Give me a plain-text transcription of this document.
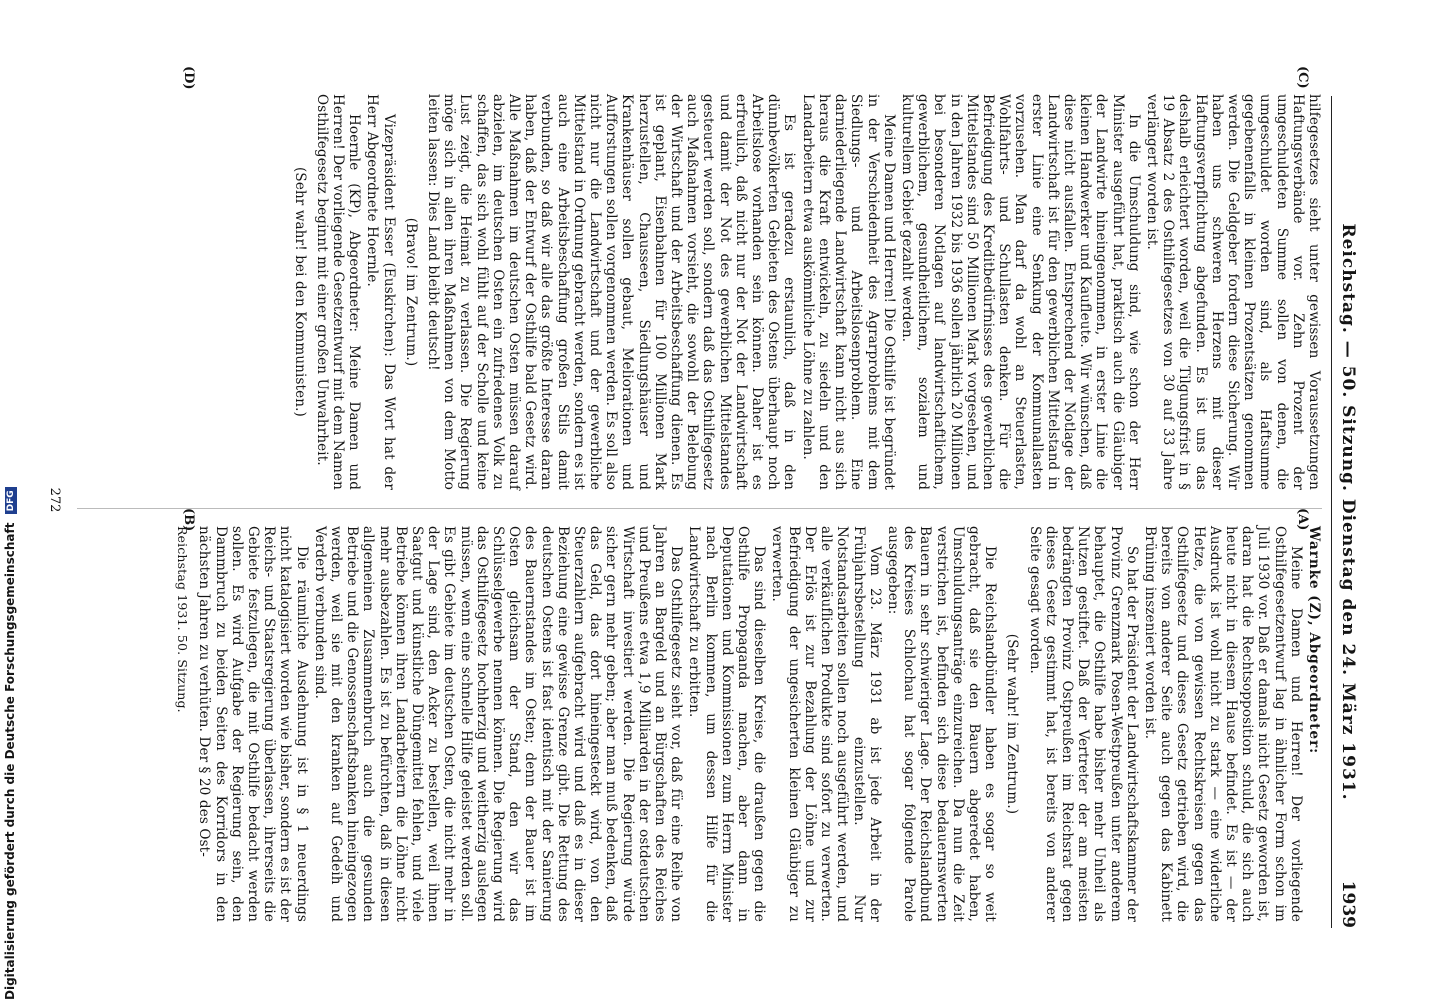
Reichstag. — 50. Sitzung. Dienstag den 24. März 1931.
1939
(A)
(B)
(C)
(D)

Warnke (Z), Abgeordneter:

Meine Damen und Herren! Der vorliegende Osthilfegesetzentwurf lag in ähnlicher Form schon im Juli 1930 vor. Daß er damals nicht Gesetz geworden ist, daran hat die Rechtsopposition schuld, die sich auch heute nicht in diesem Hause befindet. Es ist — der Ausdruck ist wohl nicht zu stark — eine widerliche Hetze, die von gewissen Rechtskreisen gegen das Osthilfegesetz und dieses Gesetz getrieben wird, die bereits von anderer Seite auch gegen das Kabinett Brüning inszeniert worden ist.

So hat der Präsident der Landwirtschaftskammer der Provinz Grenzmark Posen-Westpreußen unter anderem behauptet, die Osthilfe habe bisher mehr Unheil als Nutzen gestiftet. Daß der Vertreter der am meisten bedrängten Provinz Ostpreußen im Reichsrat gegen dieses Gesetz gestimmt hat, ist bereits von anderer Seite gesagt worden.

(Sehr wahr! im Zentrum.)

Die Reichslandbündler haben es sogar so weit gebracht, daß sie den Bauern abgeredet haben, Umschuldungsanträge einzureichen. Da nun die Zeit verstrichen ist, befinden sich diese bedauernswerten Bauern in sehr schwieriger Lage. Der Reichslandbund des Kreises Schlochau hat sogar folgende Parole ausgegeben:

Vom 23. März 1931 ab ist jede Arbeit in der Frühjahrsbestellung einzustellen. Nur Notstandsarbeiten sollen noch ausgeführt werden, und alle verkäuflichen Produkte sind sofort zu verwerten. Der Erlös ist zur Bezahlung der Löhne und zur Befriedigung der ungesicherten kleinen Gläubiger zu verwerten.

Das sind dieselben Kreise, die draußen gegen die Osthilfe Propaganda machen, aber dann in Deputationen und Kommissionen zum Herrn Minister nach Berlin kommen, um dessen Hilfe für die Landwirtschaft zu erbitten.

Das Osthilfegesetz sieht vor, daß für eine Reihe von Jahren an Bargeld und an Bürgschaften des Reiches und Preußens etwa 1,9 Milliarden in der ostdeutschen Wirtschaft investiert werden. Die Regierung würde sicher gern mehr geben; aber man muß bedenken, daß das Geld, das dort hineingesteckt wird, von den Steuerzahlern aufgebracht wird und daß es in dieser Beziehung eine gewisse Grenze gibt. Die Rettung des deutschen Ostens ist fast identisch mit der Sanierung des Bauernstandes im Osten; denn der Bauer ist im Osten gleichsam der Stand, den wir das Schlüsselgewerbe nennen können. Die Regierung wird das Osthilfegesetz hochherzig und weitherzig auslegen müssen, wenn eine schnelle Hilfe geleistet werden soll. Es gibt Gebiete im deutschen Osten, die nicht mehr in der Lage sind, den Acker zu bestellen, weil ihnen Saatgut und künstliche Düngemittel fehlen, und viele Betriebe können ihren Landarbeitern die Löhne nicht mehr ausbezahlen. Es ist zu befürchten, daß in diesen allgemeinen Zusammenbruch auch die gesunden Betriebe und die Genossenschaftsbanken hineingezogen werden, weil sie mit den kranken auf Gedeih und Verderb verbunden sind.

Die räumliche Ausdehnung ist in § 1 neuerdings nicht katalogisiert worden wie bisher, sondern es ist der Reichs- und Staatsregierung überlassen, ihrerseits die Gebiete festzulegen, die mit Osthilfe bedacht werden sollen. Es wird Aufgabe der Regierung sein, den Dammbruch zu beiden Seiten des Korridors in den nächsten Jahren zu verhüten. Der § 20 des Ost-

Reichstag 1931. 50. Sitzung.

hilfegesetzes sieht unter gewissen Voraussetzungen Haftungsverbände vor. Zehn Prozent der umgeschuldeten Summe sollen von denen, die umgeschuldet worden sind, als Haftsumme gegebenenfalls in kleinen Prozentsätzen genommen werden. Die Geldgeber fordern diese Sicherung. Wir haben uns schweren Herzens mit dieser Haftungsverpflichtung abgefunden. Es ist uns das deshalb erleichtert worden, weil die Tilgungsfrist in § 19 Absatz 2 des Osthilfegesetzes von 30 auf 33 Jahre verlängert worden ist.

In die Umschuldung sind, wie schon der Herr Minister ausgeführt hat, praktisch auch die Gläubiger der Landwirte hineingenommen, in erster Linie die kleinen Handwerker und Kaufleute. Wir wünschen, daß diese nicht ausfallen. Entsprechend der Notlage der Landwirtschaft ist für den gewerblichen Mittelstand in erster Linie eine Senkung der Kommunallasten vorzusehen. Man darf da wohl an Steuerlasten, Wohlfahrts- und Schullasten denken. Für die Befriedigung des Kreditbedürfnisses des gewerblichen Mittelstandes sind 50 Millionen Mark vorgesehen, und in den Jahren 1932 bis 1936 sollen jährlich 20 Millionen bei besonderen Notlagen auf landwirtschaftlichem, gewerblichem, gesundheitlichem, sozialem und kulturellem Gebiet gezahlt werden.

Meine Damen und Herren! Die Osthilfe ist begründet in der Verschiedenheit des Agrarproblems mit dem Siedlungs- und Arbeitslosenproblem. Eine darniederliegende Landwirtschaft kann nicht aus sich heraus die Kraft entwickeln, zu siedeln und den Landarbeitern etwa auskömmliche Löhne zu zahlen.

Es ist geradezu erstaunlich, daß in den dünnbevölkerten Gebieten des Ostens überhaupt noch Arbeitslose vorhanden sein können. Daher ist es erfreulich, daß nicht nur der Not der Landwirtschaft und damit der Not des gewerblichen Mittelstandes gesteuert werden soll, sondern daß das Osthilfegesetz auch Maßnahmen vorsieht, die sowohl der Belebung der Wirtschaft und der Arbeitsbeschaffung dienen. Es ist geplant, Eisenbahnen für 100 Millionen Mark herzustellen, Chausseen, Siedlungshäuser und Krankenhäuser sollen gebaut, Meliorationen und Aufforstungen sollen vorgenommen werden. Es soll also nicht nur die Landwirtschaft und der gewerbliche Mittelstand in Ordnung gebracht werden, sondern es ist auch eine Arbeitsbeschaffung großen Stils damit verbunden, so daß wir alle das größte Interesse daran haben, daß der Entwurf der Osthilfe bald Gesetz wird. Alle Maßnahmen im deutschen Osten müssen darauf abzielen, im deutschen Osten ein zufriedenes Volk zu schaffen, das sich wohl fühlt auf der Scholle und keine Lust zeigt, die Heimat zu verlassen. Die Regierung möge sich in allen ihren Maßnahmen von dem Motto leiten lassen: Dies Land bleibt deutsch!

(Bravo! im Zentrum.)

Vizepräsident Esser (Euskirchen): Das Wort hat der Herr Abgeordnete Hoernle.

Hoernle (KP), Abgeordneter: Meine Damen und Herren! Der vorliegende Gesetzentwurf mit dem Namen Osthilfegesetz beginnt mit einer großen Unwahrheit.

(Sehr wahr! bei den Kommunisten.)

272
Digitalisierung gefördert durch die Deutsche Forschungsgemeinschaft DFG
